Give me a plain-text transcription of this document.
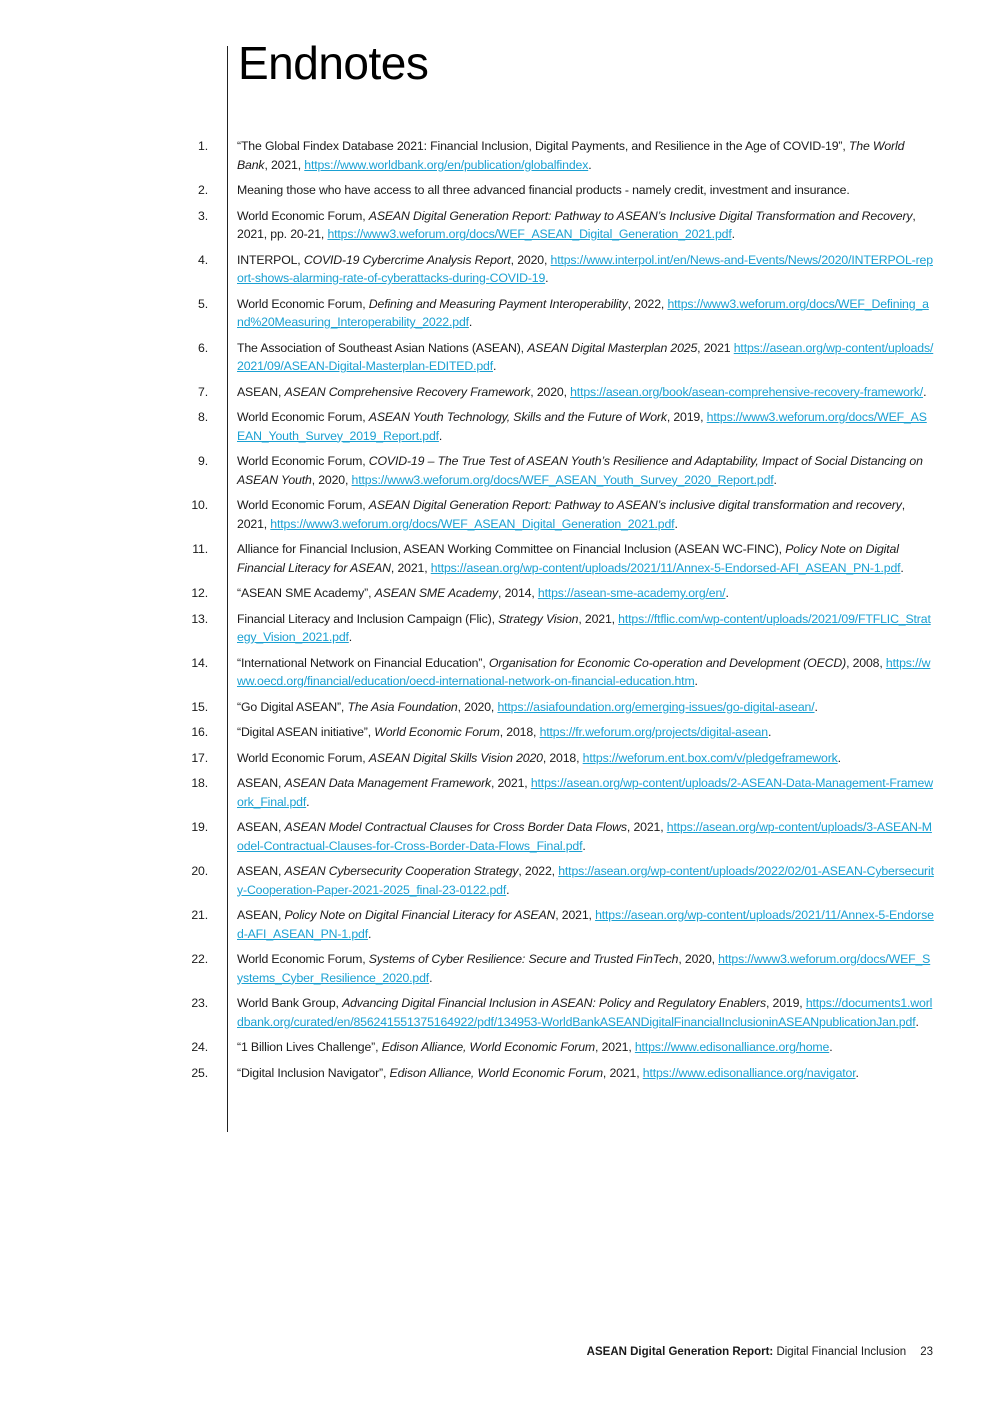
Endnotes
1. “The Global Findex Database 2021: Financial Inclusion, Digital Payments, and Resilience in the Age of COVID-19”, The World Bank, 2021, https://www.worldbank.org/en/publication/globalfindex.
2. Meaning those who have access to all three advanced financial products - namely credit, investment and insurance.
3. World Economic Forum, ASEAN Digital Generation Report: Pathway to ASEAN’s Inclusive Digital Transformation and Recovery, 2021, pp. 20-21, https://www3.weforum.org/docs/WEF_ASEAN_Digital_Generation_2021.pdf.
4. INTERPOL, COVID-19 Cybercrime Analysis Report, 2020, https://www.interpol.int/en/News-and-Events/News/2020/INTERPOL-report-shows-alarming-rate-of-cyberattacks-during-COVID-19.
5. World Economic Forum, Defining and Measuring Payment Interoperability, 2022, https://www3.weforum.org/docs/WEF_Defining_and%20Measuring_Interoperability_2022.pdf.
6. The Association of Southeast Asian Nations (ASEAN), ASEAN Digital Masterplan 2025, 2021 https://asean.org/wp-content/uploads/2021/09/ASEAN-Digital-Masterplan-EDITED.pdf.
7. ASEAN, ASEAN Comprehensive Recovery Framework, 2020, https://asean.org/book/asean-comprehensive-recovery-framework/.
8. World Economic Forum, ASEAN Youth Technology, Skills and the Future of Work, 2019, https://www3.weforum.org/docs/WEF_ASEAN_Youth_Survey_2019_Report.pdf.
9. World Economic Forum, COVID-19 – The True Test of ASEAN Youth’s Resilience and Adaptability, Impact of Social Distancing on ASEAN Youth, 2020, https://www3.weforum.org/docs/WEF_ASEAN_Youth_Survey_2020_Report.pdf.
10. World Economic Forum, ASEAN Digital Generation Report: Pathway to ASEAN’s inclusive digital transformation and recovery, 2021, https://www3.weforum.org/docs/WEF_ASEAN_Digital_Generation_2021.pdf.
11. Alliance for Financial Inclusion, ASEAN Working Committee on Financial Inclusion (ASEAN WC-FINC), Policy Note on Digital Financial Literacy for ASEAN, 2021, https://asean.org/wp-content/uploads/2021/11/Annex-5-Endorsed-AFI_ASEAN_PN-1.pdf.
12. “ASEAN SME Academy”, ASEAN SME Academy, 2014, https://asean-sme-academy.org/en/.
13. Financial Literacy and Inclusion Campaign (Flic), Strategy Vision, 2021, https://ftflic.com/wp-content/uploads/2021/09/FTFLIC_Strategy_Vision_2021.pdf.
14. “International Network on Financial Education”, Organisation for Economic Co-operation and Development (OECD), 2008, https://www.oecd.org/financial/education/oecd-international-network-on-financial-education.htm.
15. “Go Digital ASEAN”, The Asia Foundation, 2020, https://asiafoundation.org/emerging-issues/go-digital-asean/.
16. “Digital ASEAN initiative”, World Economic Forum, 2018, https://fr.weforum.org/projects/digital-asean.
17. World Economic Forum, ASEAN Digital Skills Vision 2020, 2018, https://weforum.ent.box.com/v/pledgeframework.
18. ASEAN, ASEAN Data Management Framework, 2021, https://asean.org/wp-content/uploads/2-ASEAN-Data-Management-Framework_Final.pdf.
19. ASEAN, ASEAN Model Contractual Clauses for Cross Border Data Flows, 2021, https://asean.org/wp-content/uploads/3-ASEAN-Model-Contractual-Clauses-for-Cross-Border-Data-Flows_Final.pdf.
20. ASEAN, ASEAN Cybersecurity Cooperation Strategy, 2022, https://asean.org/wp-content/uploads/2022/02/01-ASEAN-Cybersecurity-Cooperation-Paper-2021-2025_final-23-0122.pdf.
21. ASEAN, Policy Note on Digital Financial Literacy for ASEAN, 2021, https://asean.org/wp-content/uploads/2021/11/Annex-5-Endorsed-AFI_ASEAN_PN-1.pdf.
22. World Economic Forum, Systems of Cyber Resilience: Secure and Trusted FinTech, 2020, https://www3.weforum.org/docs/WEF_Systems_Cyber_Resilience_2020.pdf.
23. World Bank Group, Advancing Digital Financial Inclusion in ASEAN: Policy and Regulatory Enablers, 2019, https://documents1.worldbank.org/curated/en/856241551375164922/pdf/134953-WorldBankASEANDigitalFinancialInclusioninASEANpublicationJan.pdf.
24. “1 Billion Lives Challenge”, Edison Alliance, World Economic Forum, 2021, https://www.edisonalliance.org/home.
25. “Digital Inclusion Navigator”, Edison Alliance, World Economic Forum, 2021, https://www.edisonalliance.org/navigator.
ASEAN Digital Generation Report: Digital Financial Inclusion 23
